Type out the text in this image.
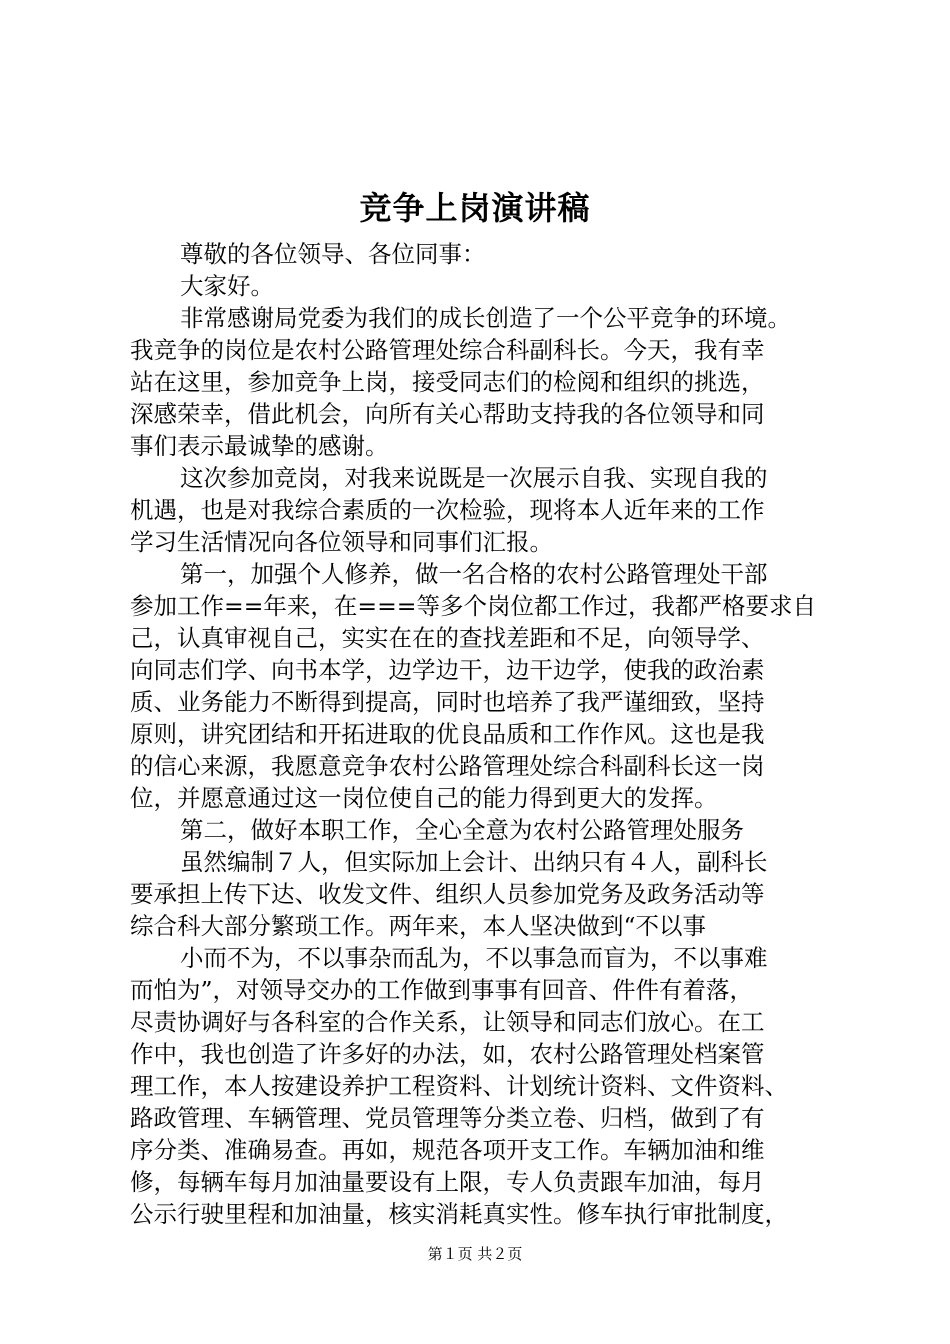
竞争上岗演讲稿
尊敬的各位领导、各位同事：
大家好。
非常感谢局党委为我们的成长创造了一个公平竞争的环境。
我竞争的岗位是农村公路管理处综合科副科长。今天，我有幸
站在这里，参加竞争上岗，接受同志们的检阅和组织的挑选，
深感荣幸，借此机会，向所有关心帮助支持我的各位领导和同
事们表示最诚挚的感谢。
这次参加竞岗，对我来说既是一次展示自我、实现自我的
机遇，也是对我综合素质的一次检验，现将本人近年来的工作
学习生活情况向各位领导和同事们汇报。
第一，加强个人修养，做一名合格的农村公路管理处干部
参加工作==年来，在===等多个岗位都工作过，我都严格要求自
己，认真审视自己，实实在在的查找差距和不足，向领导学、
向同志们学、向书本学，边学边干，边干边学，使我的政治素
质、业务能力不断得到提高，同时也培养了我严谨细致，坚持
原则，讲究团结和开拓进取的优良品质和工作作风。这也是我
的信心来源，我愿意竞争农村公路管理处综合科副科长这一岗
位，并愿意通过这一岗位使自己的能力得到更大的发挥。
第二，做好本职工作，全心全意为农村公路管理处服务
虽然编制７人，但实际加上会计、出纳只有４人，副科长
要承担上传下达、收发文件、组织人员参加党务及政务活动等
综合科大部分繁琐工作。两年来，本人坚决做到“不以事
小而不为，不以事杂而乱为，不以事急而盲为，不以事难
而怕为”，对领导交办的工作做到事事有回音、件件有着落，
尽责协调好与各科室的合作关系，让领导和同志们放心。在工
作中，我也创造了许多好的办法，如，农村公路管理处档案管
理工作，本人按建设养护工程资料、计划统计资料、文件资料、
路政管理、车辆管理、党员管理等分类立卷、归档，做到了有
序分类、准确易查。再如，规范各项开支工作。车辆加油和维
修，每辆车每月加油量要设有上限，专人负责跟车加油，每月
公示行驶里程和加油量，核实消耗真实性。修车执行审批制度，
第１页 共２页
